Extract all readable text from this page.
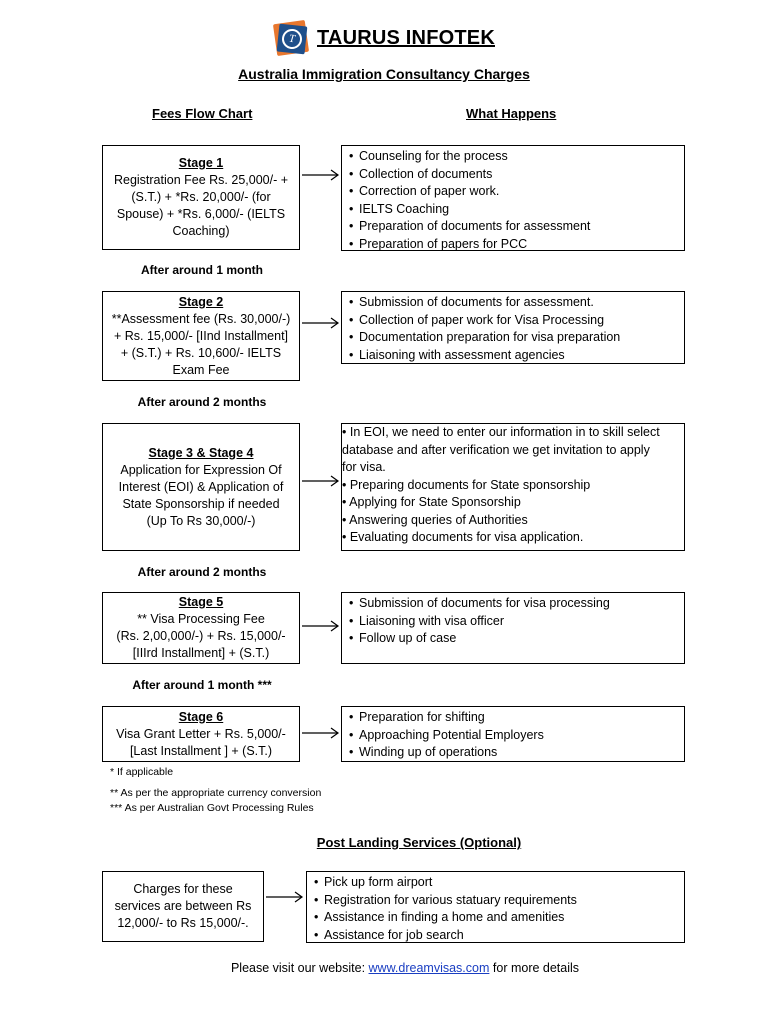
T	TAURUS INFOTEK
Australia Immigration Consultancy Charges
Fees Flow Chart	What Happens
Stage 1
Registration Fee Rs. 25,000/- +
(S.T.) + *Rs. 20,000/- (for
Spouse) + *Rs. 6,000/- (IELTS
Coaching)
• Counseling for the process
• Collection of documents
• Correction of paper work.
• IELTS Coaching
• Preparation of documents for assessment
• Preparation of papers for PCC
After around 1 month
Stage 2
**Assessment fee (Rs. 30,000/-)
+ Rs. 15,000/- [IInd Installment]
+ (S.T.) + Rs. 10,600/- IELTS
Exam Fee
• Submission of documents for assessment.
• Collection of paper work for Visa Processing
• Documentation preparation for visa preparation
• Liaisoning with assessment agencies
After around 2 months
Stage 3 & Stage 4
Application for Expression Of
Interest (EOI) & Application of
State Sponsorship if needed
(Up To Rs 30,000/-)

• In EOI, we need to enter our information in to skill select

database and after verification we get invitation to apply

for visa.

• Preparing documents for State sponsorship

• Applying for State Sponsorship

• Answering queries of Authorities

• Evaluating documents for visa application.

After around 2 months
Stage 5
** Visa Processing Fee
(Rs. 2,00,000/-) + Rs. 15,000/-
[IIIrd Installment] + (S.T.)
• Submission of documents for visa processing
• Liaisoning with visa officer
• Follow up of case
After around 1 month ***
Stage 6
Visa Grant Letter + Rs. 5,000/-
[Last Installment ] + (S.T.)
• Preparation for shifting
• Approaching Potential Employers
• Winding up of operations
* If applicable
** As per the appropriate currency conversion
*** As per Australian Govt Processing Rules
Post Landing Services (Optional)
Charges for these
services are between Rs
12,000/- to Rs 15,000/-.
• Pick up form airport
• Registration for various statuary requirements
• Assistance in finding a home and amenities
• Assistance for job search
Please visit our website: www.dreamvisas.com for more details
